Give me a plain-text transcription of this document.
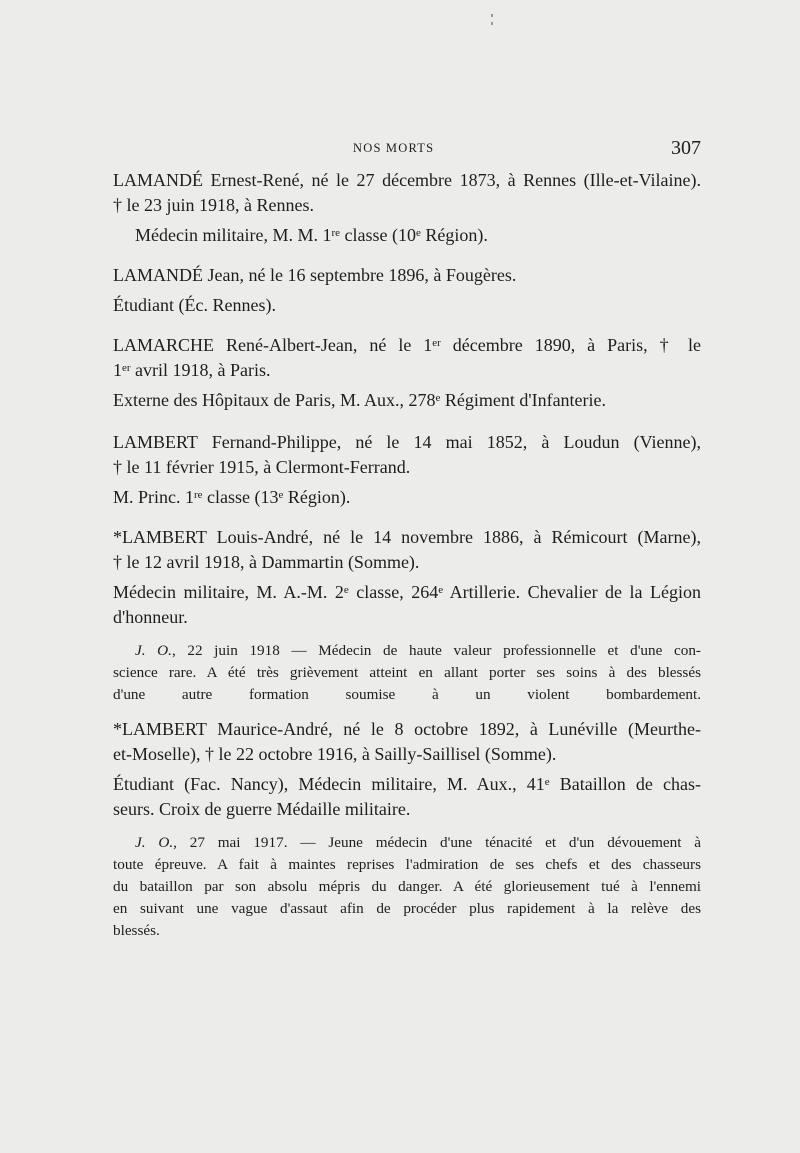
NOS MORTS	307

LAMANDÉ Ernest-René, né le 27 décembre 1873, à Rennes (Ille-et-Vilaine).

† le 23 juin 1918, à Rennes.

Médecin militaire, M. M. 1re classe (10e Région).

LAMANDÉ Jean, né le 16 septembre 1896, à Fougères.

Étudiant (Éc. Rennes).

LAMARCHE René-Albert-Jean, né le 1er décembre 1890, à Paris, † le

1er avril 1918, à Paris.

Externe des Hôpitaux de Paris, M. Aux., 278e Régiment d'Infanterie.

LAMBERT Fernand-Philippe, né le 14 mai 1852, à Loudun (Vienne),

† le 11 février 1915, à Clermont-Ferrand.

M. Princ. 1re classe (13e Région).

*LAMBERT Louis-André, né le 14 novembre 1886, à Rémicourt (Marne),

† le 12 avril 1918, à Dammartin (Somme).

Médecin militaire, M. A.-M. 2e classe, 264e Artillerie. Chevalier de la Légion

d'honneur.

J. O., 22 juin 1918 — Médecin de haute valeur professionnelle et d'une con-

science rare. A été très grièvement atteint en allant porter ses soins à des blessés

d'une autre formation soumise à un violent bombardement.

*LAMBERT Maurice-André, né le 8 octobre 1892, à Lunéville (Meurthe-

et-Moselle), † le 22 octobre 1916, à Sailly-Saillisel (Somme).

Étudiant (Fac. Nancy), Médecin militaire, M. Aux., 41e Bataillon de chas-

seurs. Croix de guerre Médaille militaire.

J. O., 27 mai 1917. — Jeune médecin d'une ténacité et d'un dévouement à

toute épreuve. A fait à maintes reprises l'admiration de ses chefs et des chasseurs

du bataillon par son absolu mépris du danger. A été glorieusement tué à l'ennemi

en suivant une vague d'assaut afin de procéder plus rapidement à la relève des

blessés.
